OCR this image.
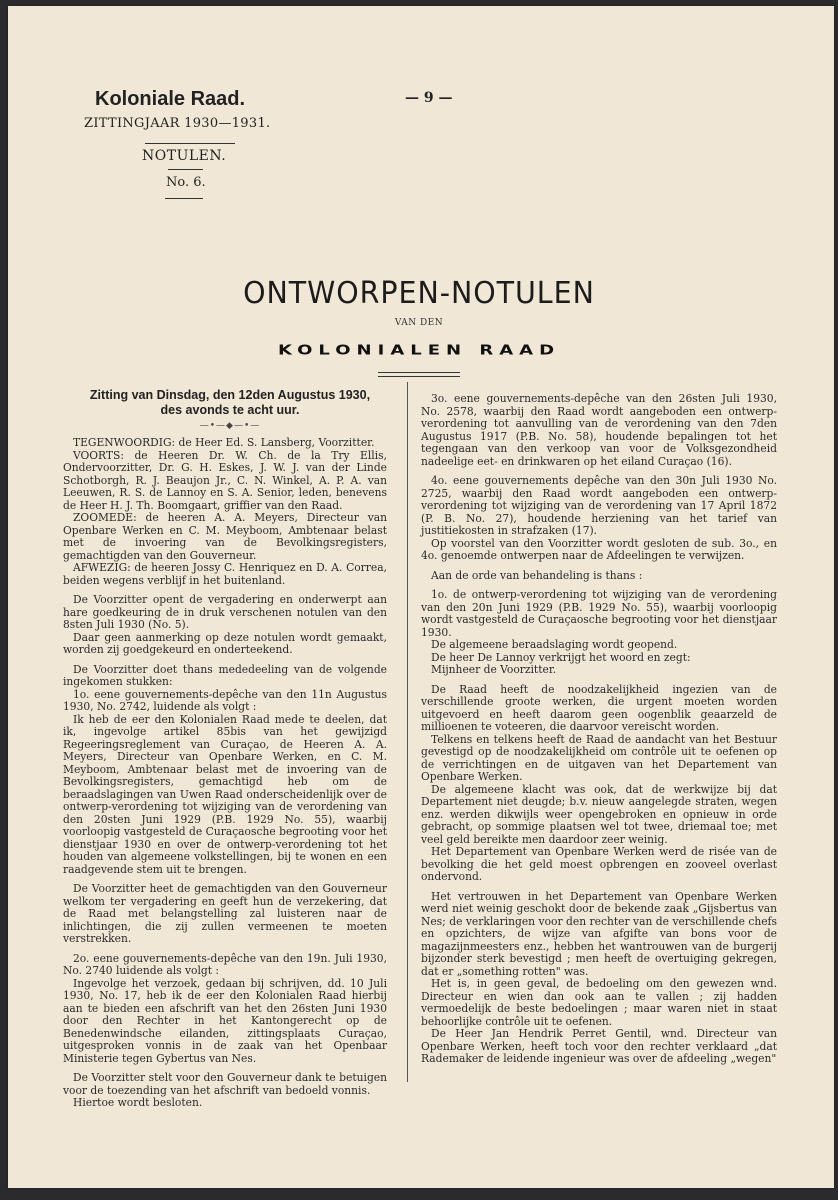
Koloniale Raad.
ZITTINGJAAR 1930—1931.
— 9 —
NOTULEN.
No. 6.
ONTWORPEN-NOTULEN
VAN DEN
KOLONIALEN RAAD
Zitting van Dinsdag, den 12den Augustus 1930,
des avonds te acht uur.
—•—◆—•—

TEGENWOORDIG: de Heer Ed. S. Lansberg, Voorzitter.

VOORTS: de Heeren Dr. W. Ch. de la Try Ellis, Ondervoorzitter, Dr. G. H. Eskes, J. W. J. van der Linde Schotborgh, R. J. Beaujon Jr., C. N. Winkel, A. P. A. van Leeuwen, R. S. de Lannoy en S. A. Senior, leden, benevens de Heer H. J. Th. Boomgaart, griffier van den Raad.

ZOOMEDE: de heeren A. A. Meyers, Directeur van Openbare Werken en C. M. Meyboom, Ambtenaar belast met de invoering van de Bevolkingsregisters, gemachtigden van den Gouverneur.

AFWEZIG: de heeren Jossy C. Henriquez en D. A. Correa, beiden wegens verblijf in het buitenland.

De Voorzitter opent de vergadering en onderwerpt aan hare goedkeuring de in druk verschenen notulen van den 8sten Juli 1930 (No. 5).

Daar geen aanmerking op deze notulen wordt gemaakt, worden zij goedgekeurd en onderteekend.

De Voorzitter doet thans mededeeling van de volgende ingekomen stukken:

1o. eene gouvernements-depêche van den 11n Augustus 1930, No. 2742, luidende als volgt :

Ik heb de eer den Kolonialen Raad mede te deelen, dat ik, ingevolge artikel 85bis van het gewijzigd Regeeringsreglement van Curaçao, de Heeren A. A. Meyers, Directeur van Openbare Werken, en C. M. Meyboom, Ambtenaar belast met de invoering van de Bevolkingsregisters, gemachtigd heb om de beraadslagingen van Uwen Raad onderscheidenlijk over de ontwerp-verordening tot wijziging van de verordening van den 20sten Juni 1929 (P.B. 1929 No. 55), waarbij voorloopig vastgesteld de Curaçaosche begrooting voor het dienstjaar 1930 en over de ontwerp-verordening tot het houden van algemeene volkstellingen, bij te wonen en een raadgevende stem uit te brengen.

De Voorzitter heet de gemachtigden van den Gouverneur welkom ter vergadering en geeft hun de verzekering, dat de Raad met belangstelling zal luisteren naar de inlichtingen, die zij zullen vermeenen te moeten verstrekken.

2o. eene gouvernements-depêche van den 19n. Juli 1930, No. 2740 luidende als volgt :

Ingevolge het verzoek, gedaan bij schrijven, dd. 10 Juli 1930, No. 17, heb ik de eer den Kolonialen Raad hierbij aan te bieden een afschrift van het den 26sten Juni 1930 door den Rechter in het Kantongerecht op de Benedenwindsche eilanden, zittingsplaats Curaçao, uitgesproken vonnis in de zaak van het Openbaar Ministerie tegen Gybertus van Nes.

De Voorzitter stelt voor den Gouverneur dank te betuigen voor de toezending van het afschrift van bedoeld vonnis.

Hiertoe wordt besloten.

3o. eene gouvernements-depêche van den 26sten Juli 1930, No. 2578, waarbij den Raad wordt aangeboden een ontwerp-verordening tot aanvulling van de verordening van den 7den Augustus 1917 (P.B. No. 58), houdende bepalingen tot het tegengaan van den verkoop van voor de Volksgezondheid nadeelige eet- en drinkwaren op het eiland Curaçao (16).

4o. eene gouvernements depêche van den 30n Juli 1930 No. 2725, waarbij den Raad wordt aangeboden een ontwerp-verordening tot wijziging van de verordening van 17 April 1872 (P. B. No. 27), houdende herziening van het tarief van justitiekosten in strafzaken (17).

Op voorstel van den Voorzitter wordt gesloten de sub. 3o., en 4o. genoemde ontwerpen naar de Afdeelingen te verwijzen.

Aan de orde van behandeling is thans :

1o. de ontwerp-verordening tot wijziging van de verordening van den 20n Juni 1929 (P.B. 1929 No. 55), waarbij voorloopig wordt vastgesteld de Curaçaosche begrooting voor het dienstjaar 1930.

De algemeene beraadslaging wordt geopend.

De heer De Lannoy verkrijgt het woord en zegt:

Mijnheer de Voorzitter.

De Raad heeft de noodzakelijkheid ingezien van de verschillende groote werken, die urgent moeten worden uitgevoerd en heeft daarom geen oogenblik geaarzeld de millioenen te voteeren, die daarvoor vereischt worden.

Telkens en telkens heeft de Raad de aandacht van het Bestuur gevestigd op de noodzakelijkheid om contrôle uit te oefenen op de verrichtingen en de uitgaven van het Departement van Openbare Werken.

De algemeene klacht was ook, dat de werkwijze bij dat Departement niet deugde; b.v. nieuw aangelegde straten, wegen enz. werden dikwijls weer opengebroken en opnieuw in orde gebracht, op sommige plaatsen wel tot twee, driemaal toe; met veel geld bereikte men daardoor zeer weinig.

Het Departement van Openbare Werken werd de risée van de bevolking die het geld moest opbrengen en zooveel overlast ondervond.

Het vertrouwen in het Departement van Openbare Werken werd niet weinig geschokt door de bekende zaak „Gijsbertus van Nes; de verklaringen voor den rechter van de verschillende chefs en opzichters, de wijze van afgifte van bons voor de magazijnmeesters enz., hebben het wantrouwen van de burgerij bijzonder sterk bevestigd ; men heeft de overtuiging gekregen, dat er „something rotten" was.

Het is, in geen geval, de bedoeling om den gewezen wnd. Directeur en wien dan ook aan te vallen ; zij hadden vermoedelijk de beste bedoelingen ; maar waren niet in staat behoorlijke contrôle uit te oefenen.

De Heer Jan Hendrik Perret Gentil, wnd. Directeur van Openbare Werken, heeft toch voor den rechter verklaard „dat Rademaker de leidende ingenieur was over de afdeeling „wegen"
